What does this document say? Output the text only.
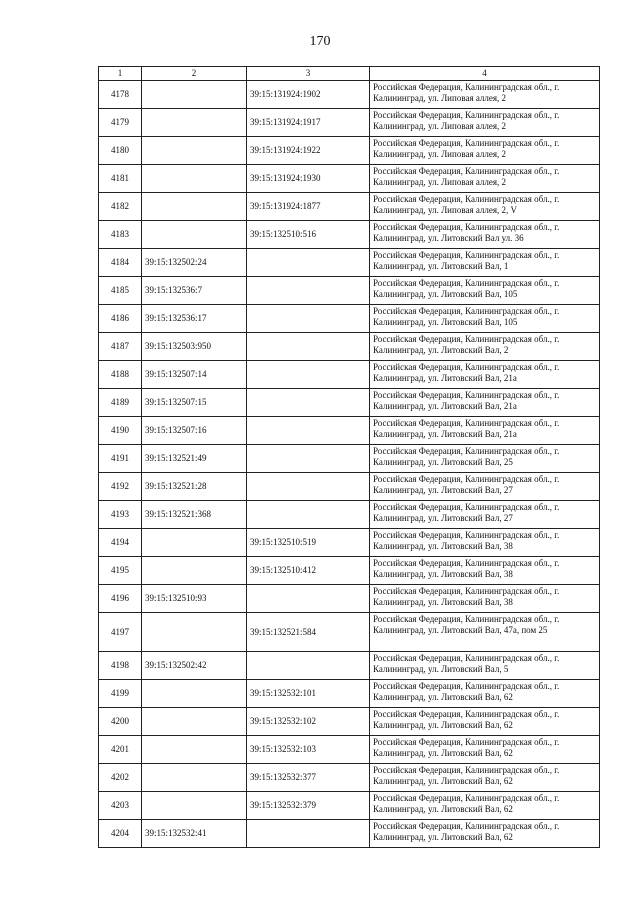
170
1	2	3	4
4178		39:15:131924:1902	Российская Федерация, Калининградская обл., г. Калининград, ул. Липовая аллея, 2
4179		39:15:131924:1917	Российская Федерация, Калининградская обл., г. Калининград, ул. Липовая аллея, 2
4180		39:15:131924:1922	Российская Федерация, Калининградская обл., г. Калининград, ул. Липовая аллея, 2
4181		39:15:131924:1930	Российская Федерация, Калининградская обл., г. Калининград, ул. Липовая аллея, 2
4182		39:15:131924:1877	Российская Федерация, Калининградская обл., г. Калининград, ул. Липовая аллея, 2, V
4183		39:15:132510:516	Российская Федерация, Калининградская обл., г. Калининград, ул. Литовский Вал ул. 36
4184	39:15:132502:24		Российская Федерация, Калининградская обл., г. Калининград, ул. Литовский Вал, 1
4185	39:15:132536:7		Российская Федерация, Калининградская обл., г. Калининград, ул. Литовский Вал, 105
4186	39:15:132536:17		Российская Федерация, Калининградская обл., г. Калининград, ул. Литовский Вал, 105
4187	39:15:132503:950		Российская Федерация, Калининградская обл., г. Калининград, ул. Литовский Вал, 2
4188	39:15:132507:14		Российская Федерация, Калининградская обл., г. Калининград, ул. Литовский Вал, 21а
4189	39:15:132507:15		Российская Федерация, Калининградская обл., г. Калининград, ул. Литовский Вал, 21а
4190	39:15:132507:16		Российская Федерация, Калининградская обл., г. Калининград, ул. Литовский Вал, 21а
4191	39:15:132521:49		Российская Федерация, Калининградская обл., г. Калининград, ул. Литовский Вал, 25
4192	39:15:132521:28		Российская Федерация, Калининградская обл., г. Калининград, ул. Литовский Вал, 27
4193	39:15:132521:368		Российская Федерация, Калининградская обл., г. Калининград, ул. Литовский Вал, 27
4194		39:15:132510:519	Российская Федерация, Калининградская обл., г. Калининград, ул. Литовский Вал, 38
4195		39:15:132510:412	Российская Федерация, Калининградская обл., г. Калининград, ул. Литовский Вал, 38
4196	39:15:132510:93		Российская Федерация, Калининградская обл., г. Калининград, ул. Литовский Вал, 38
4197		39:15:132521:584	Российская Федерация, Калининградская обл., г. Калининград, ул. Литовский Вал, 47а, пом 25
4198	39:15:132502:42		Российская Федерация, Калининградская обл., г. Калининград, ул. Литовский Вал, 5
4199		39:15:132532:101	Российская Федерация, Калининградская обл., г. Калининград, ул. Литовский Вал, 62
4200		39:15:132532:102	Российская Федерация, Калининградская обл., г. Калининград, ул. Литовский Вал, 62
4201		39:15:132532:103	Российская Федерация, Калининградская обл., г. Калининград, ул. Литовский Вал, 62
4202		39:15:132532:377	Российская Федерация, Калининградская обл., г. Калининград, ул. Литовский Вал, 62
4203		39:15:132532:379	Российская Федерация, Калининградская обл., г. Калининград, ул. Литовский Вал, 62
4204	39:15:132532:41		Российская Федерация, Калининградская обл., г. Калининград, ул. Литовский Вал, 62
